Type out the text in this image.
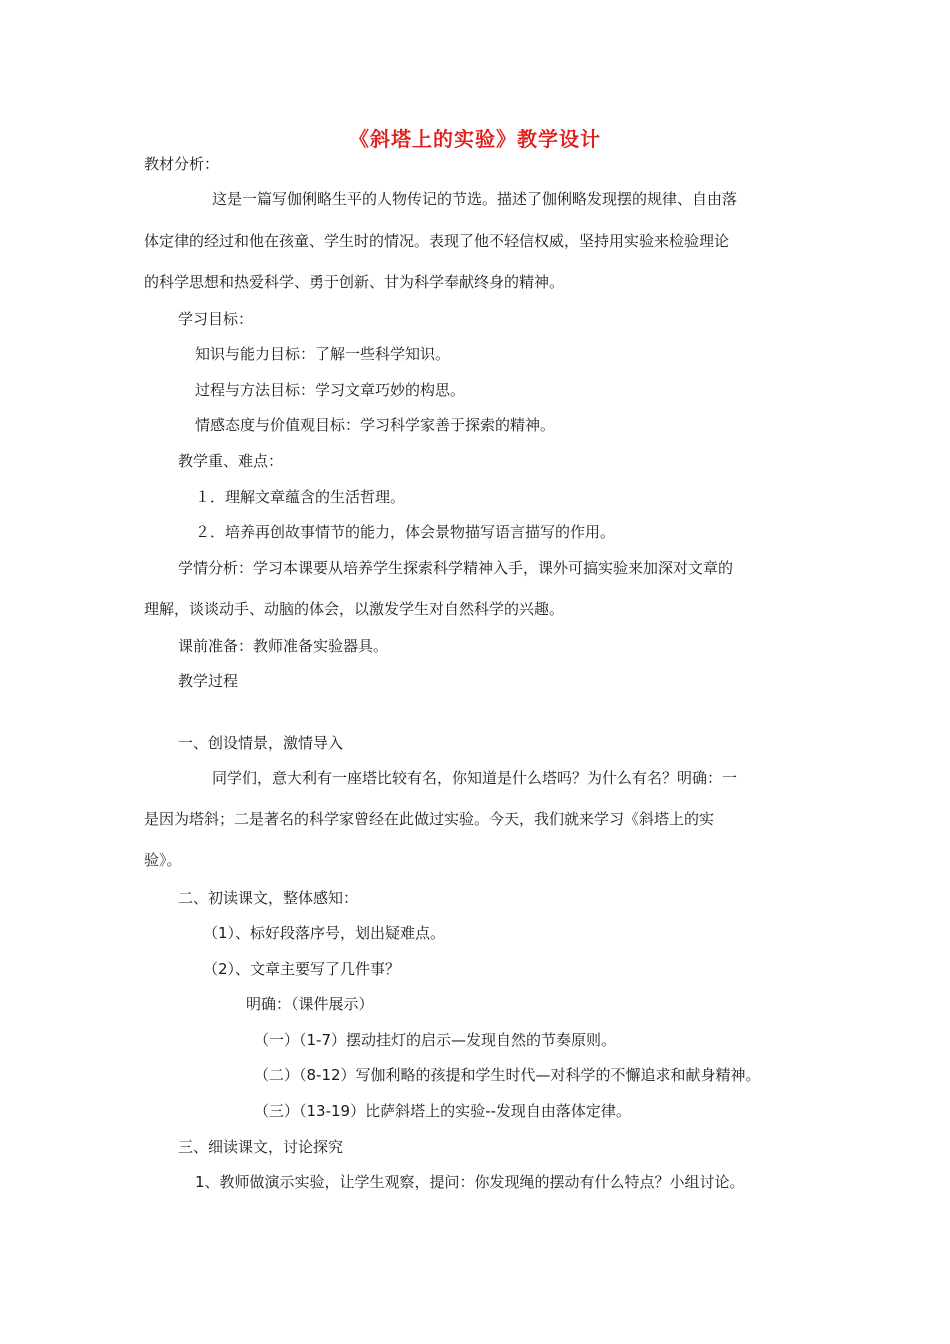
《斜塔上的实验》教学设计
教材分析：
这是一篇写伽俐略生平的人物传记的节选。描述了伽俐略发现摆的规律、自由落
体定律的经过和他在孩童、学生时的情况。表现了他不轻信权威，坚持用实验来检验理论
的科学思想和热爱科学、勇于创新、甘为科学奉献终身的精神。
学习目标：
知识与能力目标：了解一些科学知识。
过程与方法目标：学习文章巧妙的构思。
情感态度与价值观目标：学习科学家善于探索的精神。
教学重、难点：
１．理解文章蕴含的生活哲理。
２．培养再创故事情节的能力，体会景物描写语言描写的作用。
学情分析：学习本课要从培养学生探索科学精神入手，课外可搞实验来加深对文章的
理解，谈谈动手、动脑的体会，以激发学生对自然科学的兴趣。
课前准备：教师准备实验器具。
教学过程
一、创设情景，激情导入
同学们，意大利有一座塔比较有名，你知道是什么塔吗？为什么有名？明确：一
是因为塔斜；二是著名的科学家曾经在此做过实验。今天，我们就来学习《斜塔上的实
验》。
二、初读课文，整体感知：
（1）、标好段落序号，划出疑难点。
（2）、文章主要写了几件事？
明确：（课件展示）
（一）（1-7）摆动挂灯的启示—发现自然的节奏原则。
（二）（8-12）写伽利略的孩提和学生时代—对科学的不懈追求和献身精神。
（三）（13-19）比萨斜塔上的实验--发现自由落体定律。
三、细读课文，讨论探究
1、教师做演示实验，让学生观察，提问：你发现绳的摆动有什么特点？小组讨论。
